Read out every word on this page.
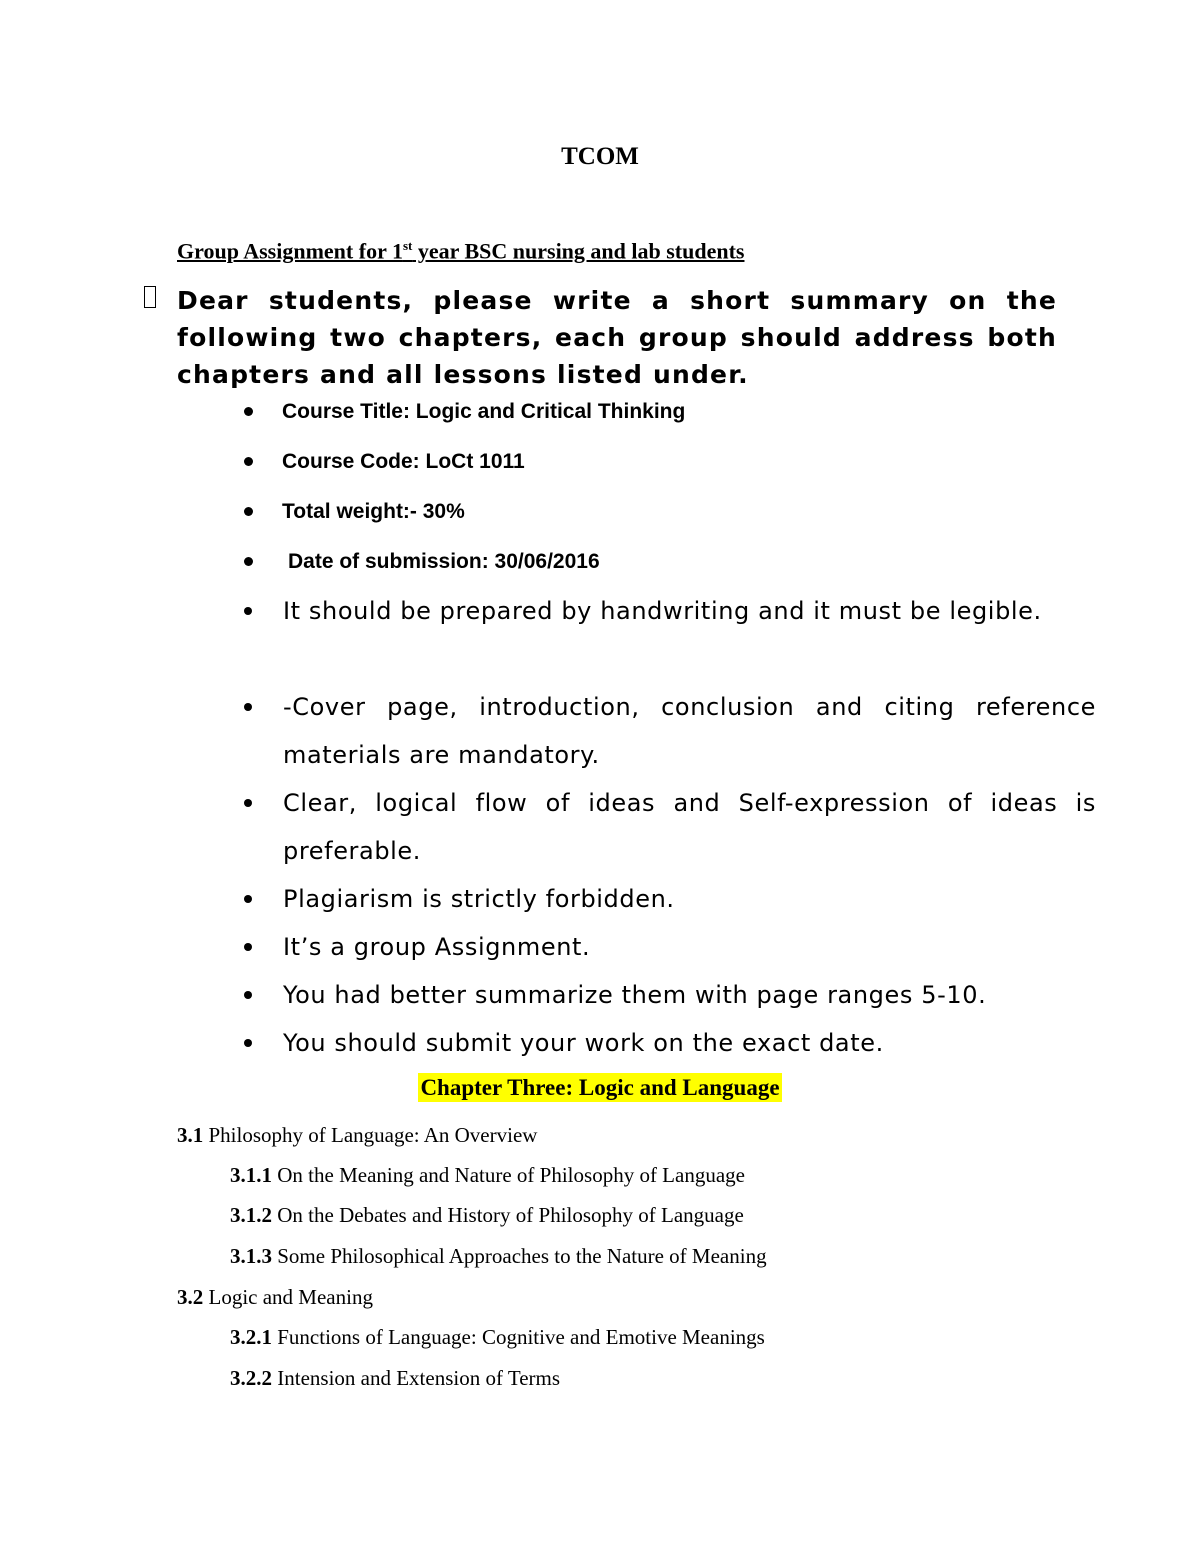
TCOM
Group Assignment for 1st year BSC nursing and lab students
Dear students, please write a short summary on the following two chapters, each group should address both chapters and all lessons listed under.
Course Title: Logic and Critical Thinking
Course Code: LoCt 1011
Total weight:- 30%
Date of submission: 30/06/2016
It should be prepared by handwriting and it must be legible.
-Cover page, introduction, conclusion and citing reference materials are mandatory.
Clear, logical flow of ideas and Self-expression of ideas is preferable.
Plagiarism is strictly forbidden.
It’s a group Assignment.
You had better summarize them with page ranges 5-10.
You should submit your work on the exact date.
Chapter Three: Logic and Language
3.1 Philosophy of Language: An Overview
3.1.1 On the Meaning and Nature of Philosophy of Language
3.1.2 On the Debates and History of Philosophy of Language
3.1.3 Some Philosophical Approaches to the Nature of Meaning
3.2 Logic and Meaning
3.2.1 Functions of Language: Cognitive and Emotive Meanings
3.2.2 Intension and Extension of Terms
